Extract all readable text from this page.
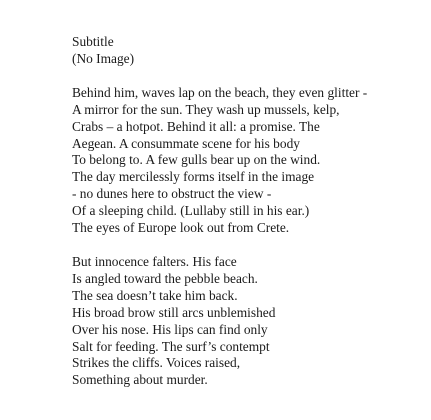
Subtitle
(No Image)
Behind him, waves lap on the beach, they even glitter -
A mirror for the sun. They wash up mussels, kelp,
Crabs – a hotpot. Behind it all: a promise. The
Aegean. A consummate scene for his body
To belong to. A few gulls bear up on the wind.
The day mercilessly forms itself in the image
- no dunes here to obstruct the view -
Of a sleeping child. (Lullaby still in his ear.)
The eyes of Europe look out from Crete.
But innocence falters. His face
Is angled toward the pebble beach.
The sea doesn’t take him back.
His broad brow still arcs unblemished
Over his nose. His lips can find only
Salt for feeding. The surf’s contempt
Strikes the cliffs. Voices raised,
Something about murder.
